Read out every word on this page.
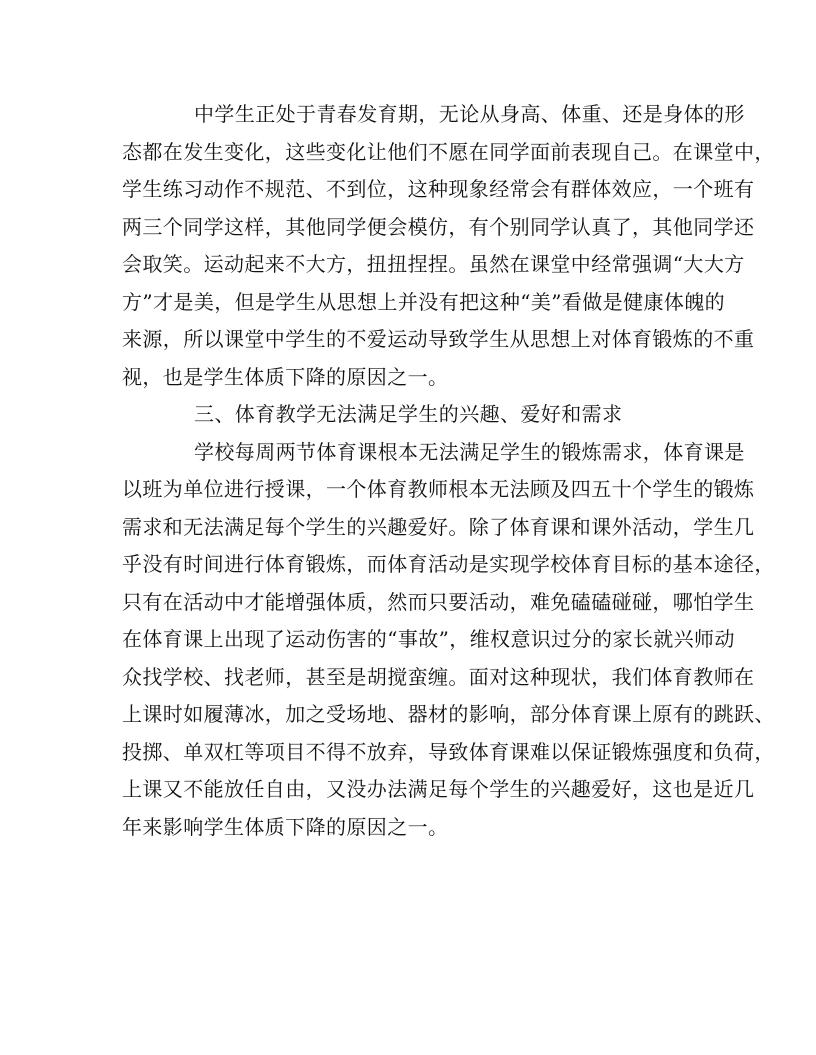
中学生正处于青春发育期，无论从身高、体重、还是身体的形
态都在发生变化，这些变化让他们不愿在同学面前表现自己。在课堂中，
学生练习动作不规范、不到位，这种现象经常会有群体效应，一个班有
两三个同学这样，其他同学便会模仿，有个别同学认真了，其他同学还
会取笑。运动起来不大方，扭扭捏捏。虽然在课堂中经常强调“大大方
方”才是美，但是学生从思想上并没有把这种“美”看做是健康体魄的
来源，所以课堂中学生的不爱运动导致学生从思想上对体育锻炼的不重
视，也是学生体质下降的原因之一。
三、体育教学无法满足学生的兴趣、爱好和需求
学校每周两节体育课根本无法满足学生的锻炼需求，体育课是
以班为单位进行授课，一个体育教师根本无法顾及四五十个学生的锻炼
需求和无法满足每个学生的兴趣爱好。除了体育课和课外活动，学生几
乎没有时间进行体育锻炼，而体育活动是实现学校体育目标的基本途径，
只有在活动中才能增强体质，然而只要活动，难免磕磕碰碰，哪怕学生
在体育课上出现了运动伤害的“事故”，维权意识过分的家长就兴师动
众找学校、找老师，甚至是胡搅蛮缠。面对这种现状，我们体育教师在
上课时如履薄冰，加之受场地、器材的影响，部分体育课上原有的跳跃、
投掷、单双杠等项目不得不放弃，导致体育课难以保证锻炼强度和负荷，
上课又不能放任自由，又没办法满足每个学生的兴趣爱好，这也是近几
年来影响学生体质下降的原因之一。
